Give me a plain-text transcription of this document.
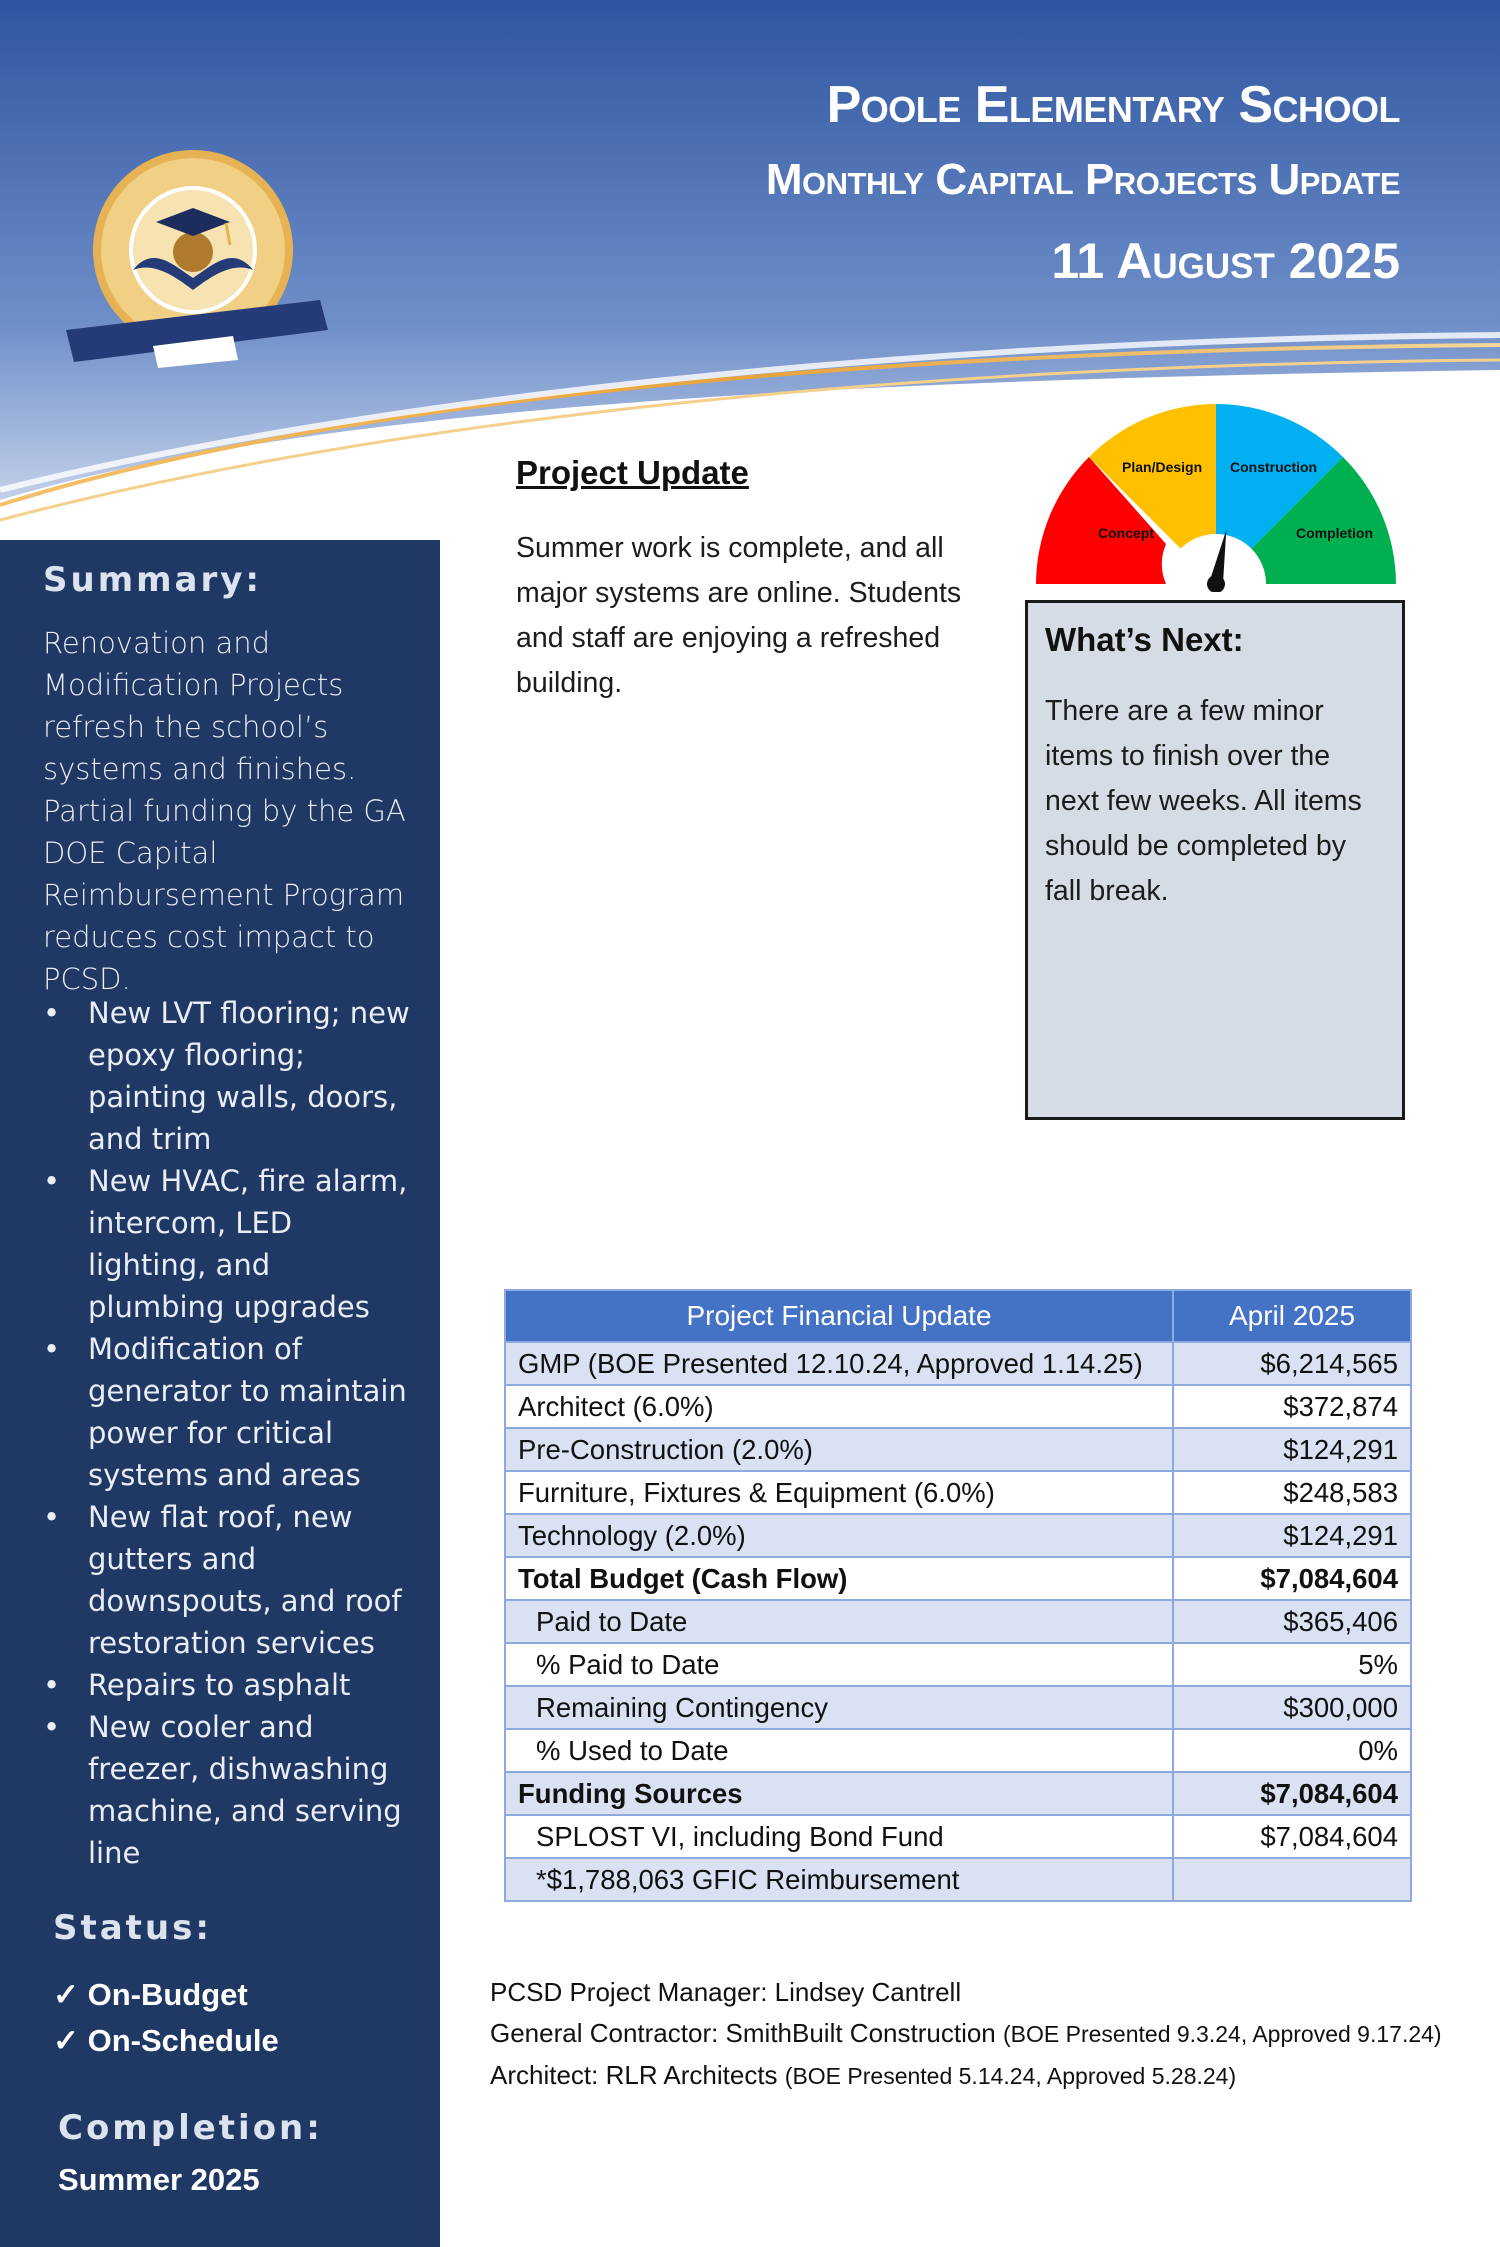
Poole Elementary School
Monthly Capital Projects Update
11 August 2025
Summary:
Renovation and Modification Projects refresh the school’s systems and finishes. Partial funding by the GA DOE Capital Reimbursement Program reduces cost impact to PCSD.
• New LVT flooring; new epoxy flooring; painting walls, doors, and trim
• New HVAC, fire alarm, intercom, LED lighting, and plumbing upgrades
• Modification of generator to maintain power for critical systems and areas
• New flat roof, new gutters and downspouts, and roof restoration services
• Repairs to asphalt
• New cooler and freezer, dishwashing machine, and serving line
Status:
✓ On-Budget
✓ On-Schedule
Completion:
Summer 2025
Project Update
Summer work is complete, and all major systems are online. Students and staff are enjoying a refreshed building.
Concept
Plan/Design Construction
Completion
What’s Next:
There are a few minor items to finish over the next few weeks. All items should be completed by fall break.
Project Financial Update	April 2025
GMP (BOE Presented 12.10.24, Approved 1.14.25)	$6,214,565
Architect (6.0%)	$372,874
Pre-Construction (2.0%)	$124,291
Furniture, Fixtures & Equipment (6.0%)	$248,583
Technology (2.0%)	$124,291
Total Budget (Cash Flow)	$7,084,604
Paid to Date	$365,406
% Paid to Date	5%
Remaining Contingency	$300,000
% Used to Date	0%
Funding Sources	$7,084,604
SPLOST VI, including Bond Fund	$7,084,604
*$1,788,063 GFIC Reimbursement	
PCSD Project Manager: Lindsey Cantrell
General Contractor: SmithBuilt Construction (BOE Presented 9.3.24, Approved 9.17.24)
Architect: RLR Architects (BOE Presented 5.14.24, Approved 5.28.24)
